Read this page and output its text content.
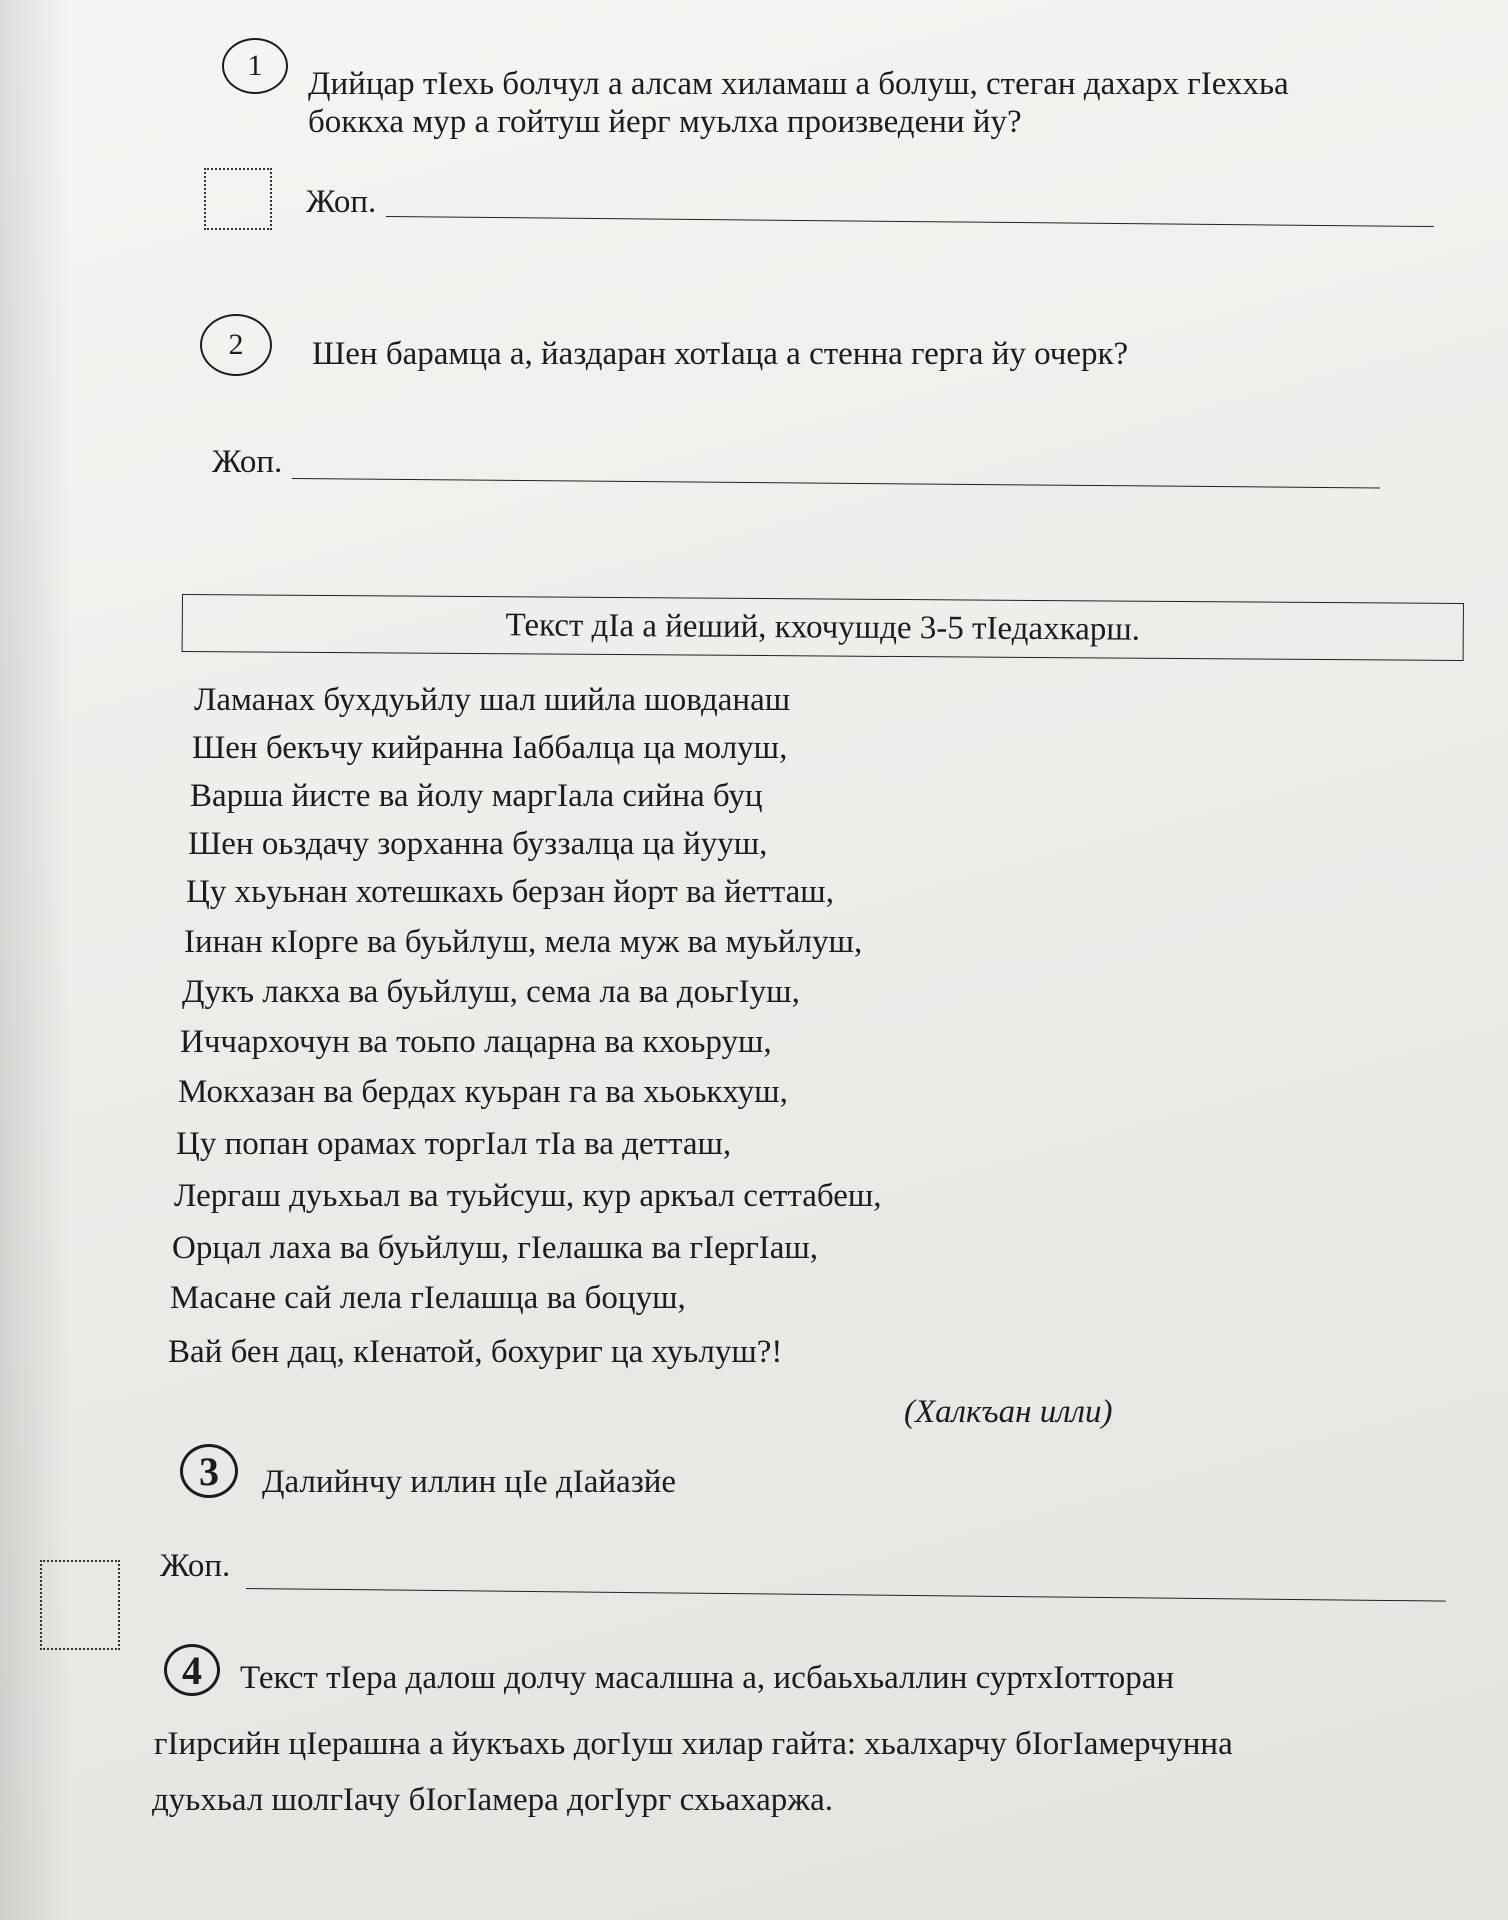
1
Дийцар тIехь болчул а алсам хиламаш а болуш, стеган дахарх гIеххьа
боккха мур а гойтуш йерг муьлха произведени йу?
Жоп.
2	Шен барамца а, йаздаран хотIаца а стенна герга йу очерк?
Жоп.
Текст дIа а йеший, кхочушде 3-5 тIедахкарш.
Ламанах бухдуьйлу шал шийла шовданаш
Шен бекъчу кийранна Iаббалца ца молуш,
Варша йисте ва йолу маргIала сийна буц
Шен оьздачу зорханна буззалца ца йууш,
Цу хьуьнан хотешкахь берзан йорт ва йетташ,
Iинан кIорге ва буьйлуш, мела муж ва муьйлуш,
Дукъ лакха ва буьйлуш, сема ла ва доьгIуш,
Иччархочун ва тоьпо лацарна ва кхоьруш,
Мокхазан ва бердах куьран га ва хьоькхуш,
Цу попан орамах торгIал тIа ва детташ,
Лергаш дуьхьал ва туьйсуш, кур аркъал сеттабеш,
Орцал лаха ва буьйлуш, гIелашка ва гIергIаш,
Масане сай лела гIелашца ва боцуш,
Вай бен дац, кIенатой, бохуриг ца хуьлуш?!
(Халкъан илли)
3	Далийнчу иллин цIе дIайазйе
Жоп.
4	Текст тIера далош долчу масалшна а, исбаьхьаллин суртхIотторан
гIирсийн цIерашна а йукъахь догIуш хилар гайта: хьалхарчу бIогIамерчунна
дуьхьал шолгIачу бIогIамера догIург схьахаржа.
